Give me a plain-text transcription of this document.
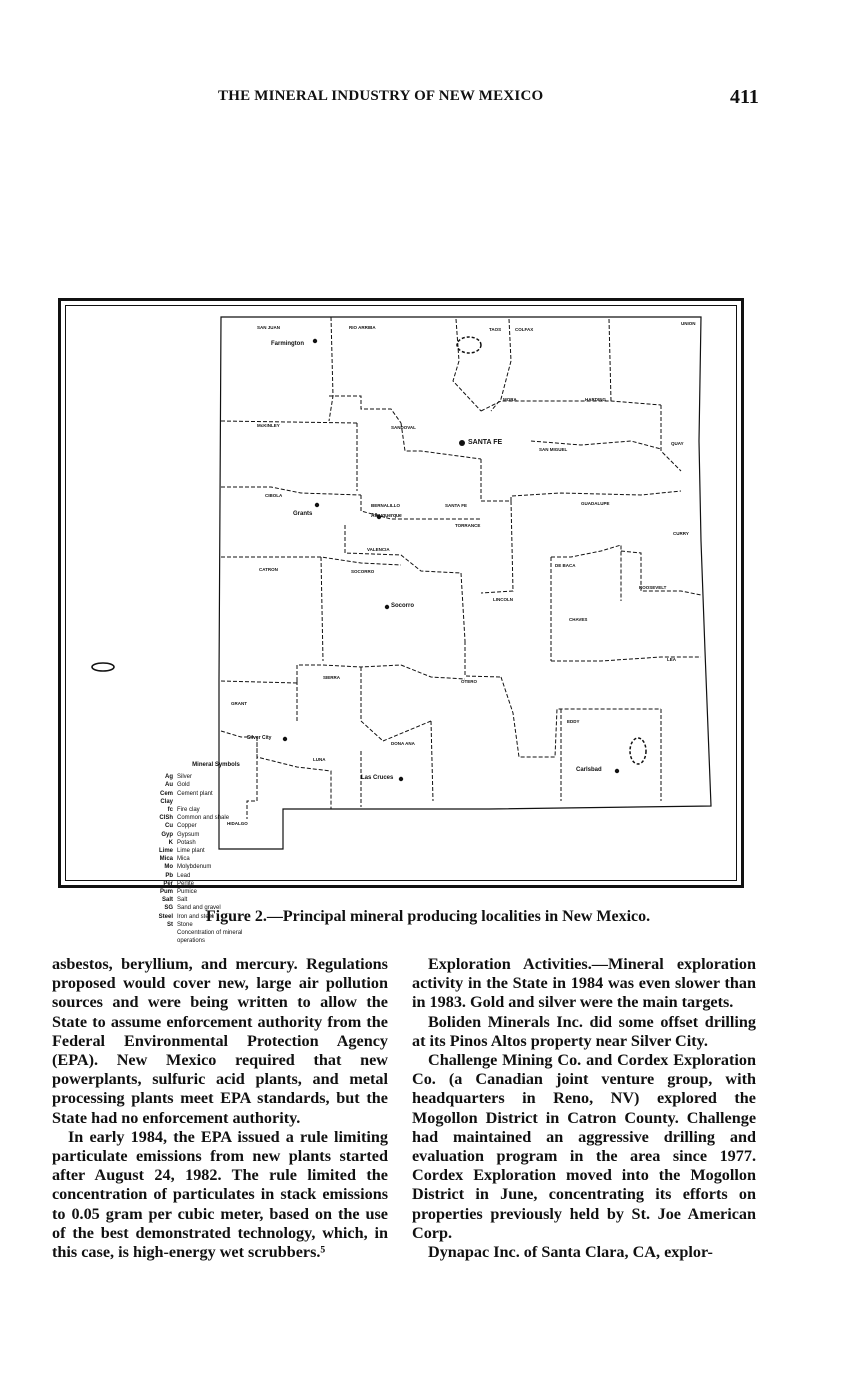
THE MINERAL INDUSTRY OF NEW MEXICO	411
Mineral Symbols
Ag Silver
Au Gold
Cem Cement plant
Clay
fc Fire clay
ClSh Common and shale
Cu Copper
Gyp Gypsum
K Potash
Lime Lime plant
Mica Mica
Mo Molybdenum
Pb Lead
Per Perlite
Pum Pumice
Salt Salt
SG Sand and gravel
Steel Iron and steel
St Stone
Concentration of mineral operations
Farmington
SANTA FE
Grants	Albuquerque
Socorro
Silver City
Las Cruces
Carlsbad
SAN JUAN	RIO ARRIBA	TAOS	COLFAX
UNION
MORA	HARDING
McKINLEY	SANDOVAL
SAN MIGUEL
QUAY
CIBOLA
BERNALILLO	SANTA FE	GUADALUPE
TORRANCE
VALENCIA
CURRY
CATRON	SOCORRO
DE BACA
ROOSEVELT
LINCOLN
CHAVES
LEA
SIERRA
OTERO
GRANT
DONA ANA
EDDY
LUNA
HIDALGO
Figure 2.—Principal mineral producing localities in New Mexico.

asbestos, beryllium, and mercury. Regulations proposed would cover new, large air pollution sources and were being written to allow the State to assume enforcement authority from the Federal Environmental Protection Agency (EPA). New Mexico required that new powerplants, sulfuric acid plants, and metal processing plants meet EPA standards, but the State had no enforcement authority.

In early 1984, the EPA issued a rule limiting particulate emissions from new plants started after August 24, 1982. The rule limited the concentration of particulates in stack emissions to 0.05 gram per cubic meter, based on the use of the best demonstrated technology, which, in this case, is high-energy wet scrubbers.⁵

Exploration Activities.—Mineral exploration activity in the State in 1984 was even slower than in 1983. Gold and silver were the main targets.

Boliden Minerals Inc. did some offset drilling at its Pinos Altos property near Silver City.

Challenge Mining Co. and Cordex Exploration Co. (a Canadian joint venture group, with headquarters in Reno, NV) explored the Mogollon District in Catron County. Challenge had maintained an aggressive drilling and evaluation program in the area since 1977. Cordex Exploration moved into the Mogollon District in June, concentrating its efforts on properties previously held by St. Joe American Corp.

Dynapac Inc. of Santa Clara, CA, explor-
